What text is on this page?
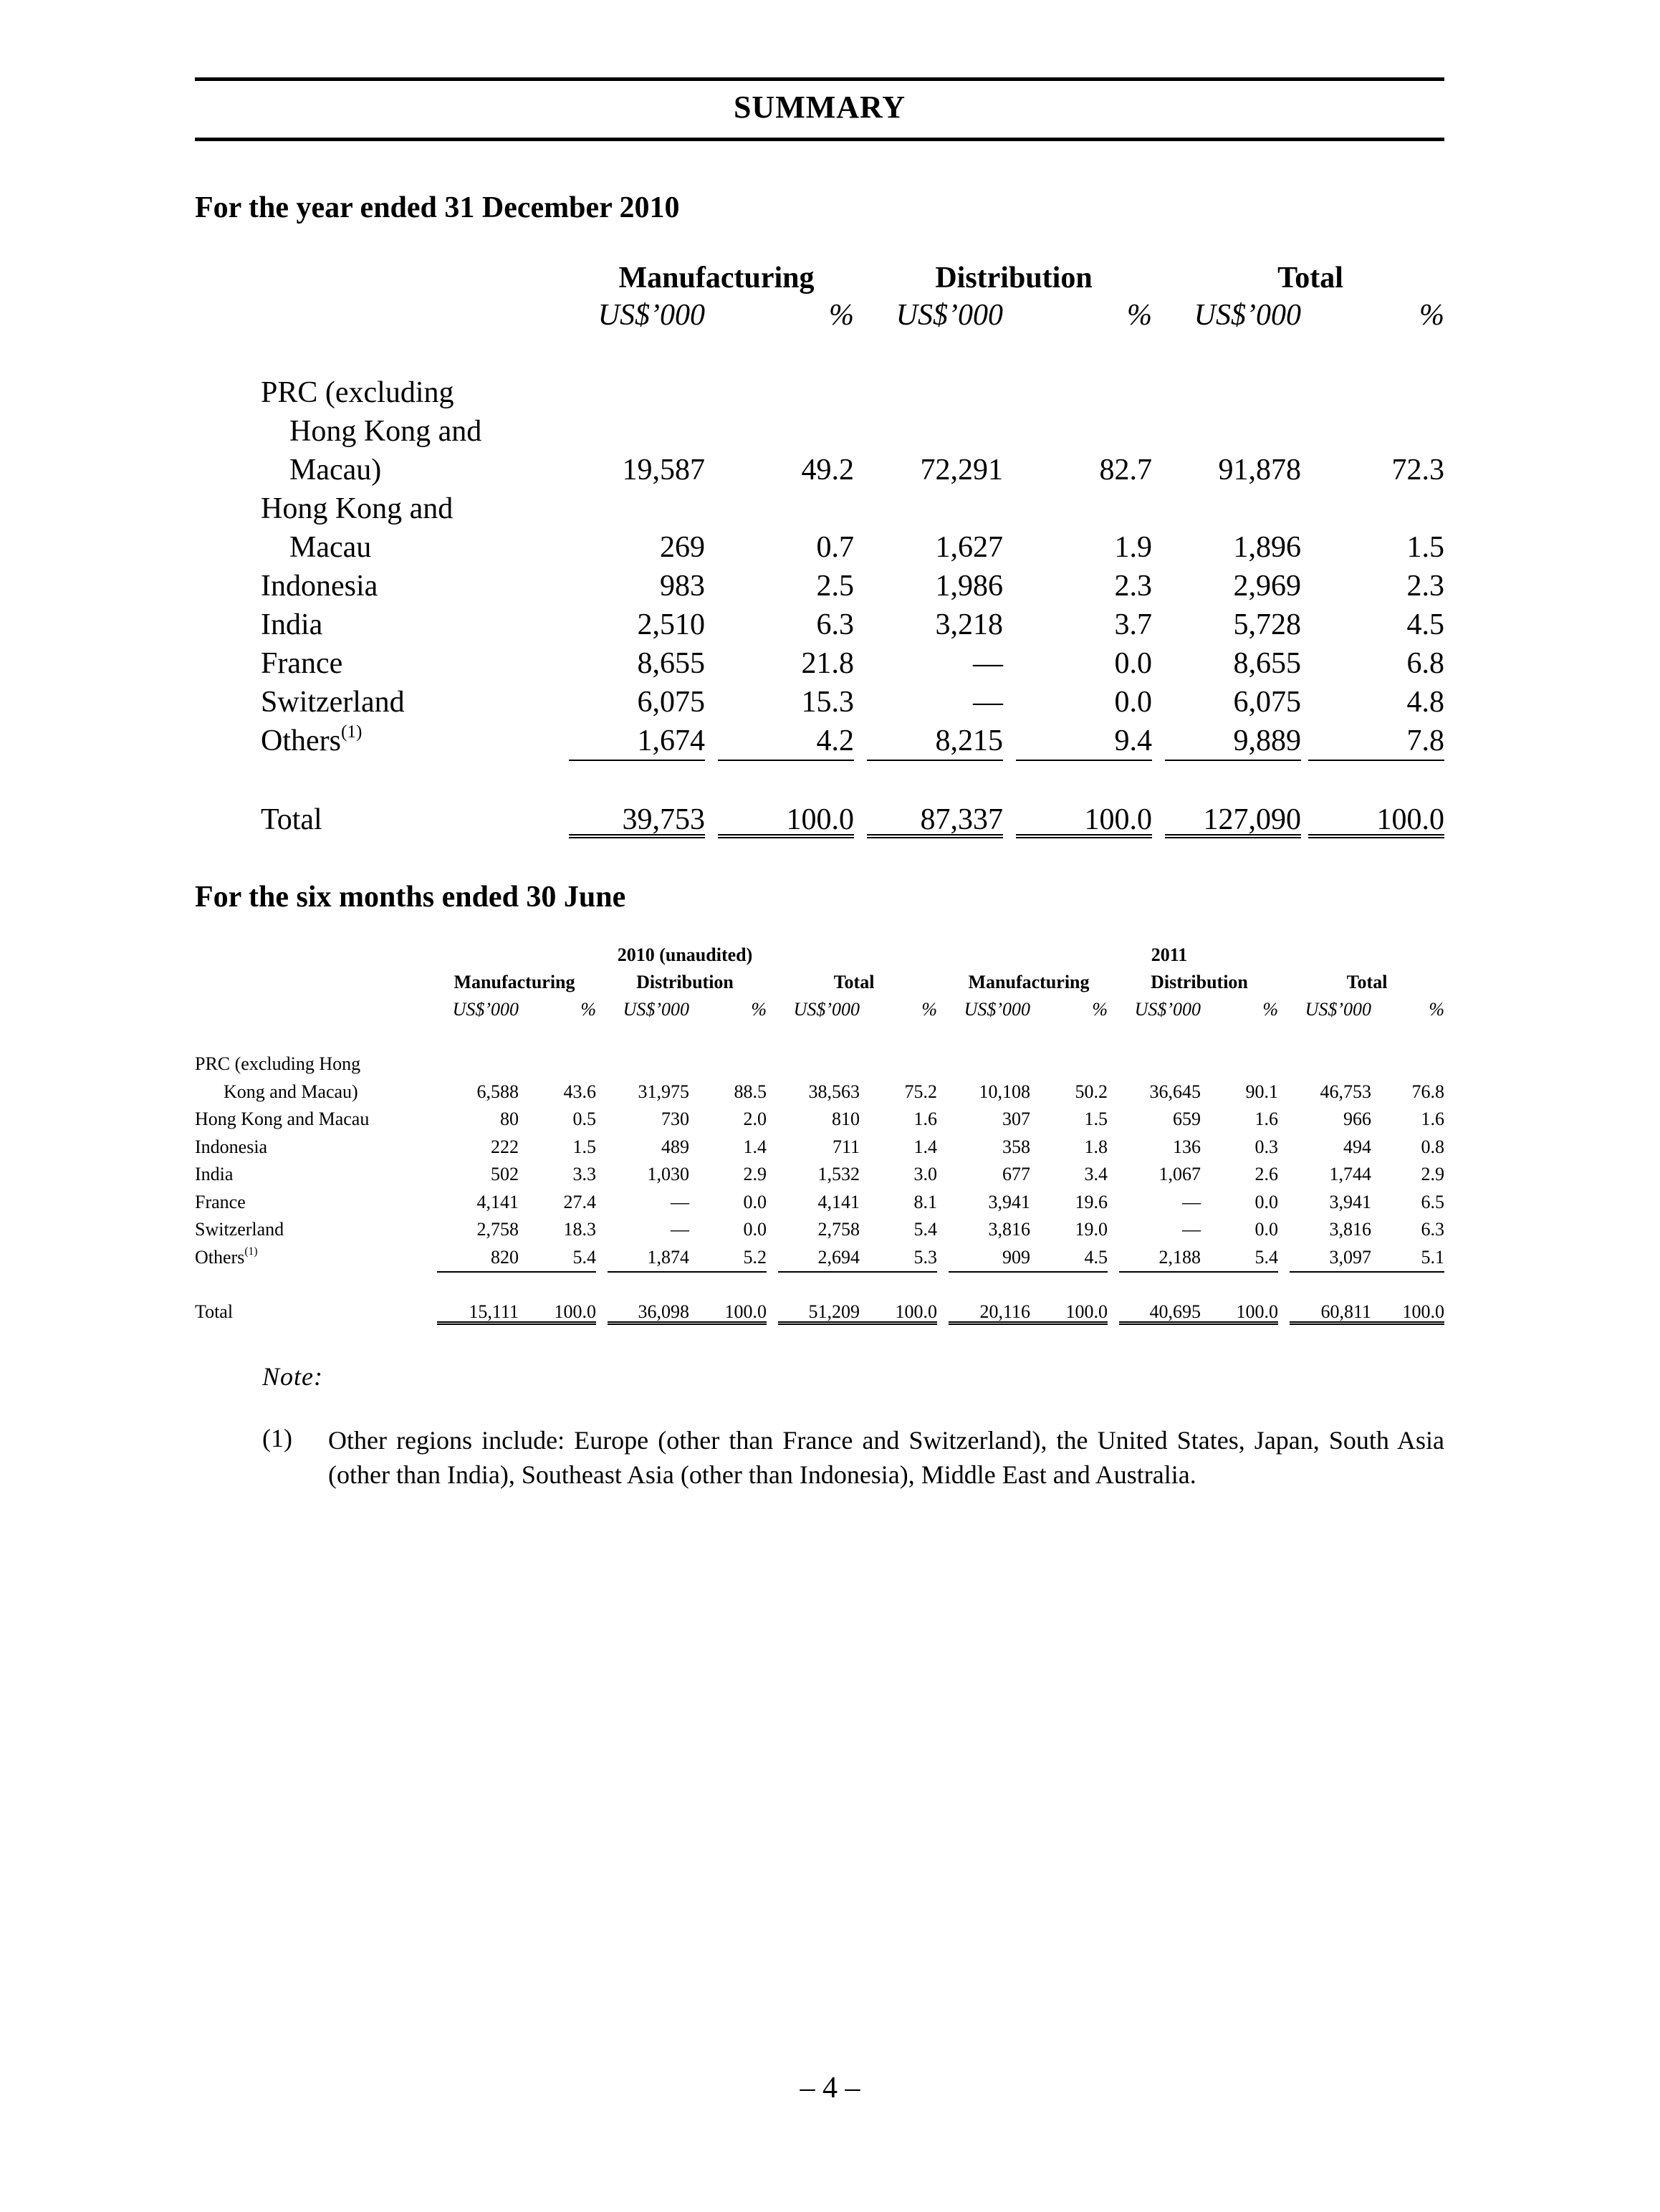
SUMMARY
For the year ended 31 December 2010
Manufacturing	Distribution	Total
US$’000	%	US$’000	%	US$’000	%
PRC (excluding
Hong Kong and
Macau)	19,587	49.2	72,291	82.7	91,878	72.3
Hong Kong and
Macau	269	0.7	1,627	1.9	1,896	1.5
Indonesia	983	2.5	1,986	2.3	2,969	2.3
India	2,510	6.3	3,218	3.7	5,728	4.5
France	8,655	21.8	—	0.0	8,655	6.8
Switzerland	6,075	15.3	—	0.0	6,075	4.8
Others$^{(1)}$	1,674	4.2	8,215	9.4	9,889	7.8
Total	39,753	100.0	87,337	100.0	127,090	100.0
For the six months ended 30 June
2010 (unaudited)	2011
Manufacturing	Distribution	Total	Manufacturing	Distribution	Total
US$’000	%	US$’000	%	US$’000	%	US$’000	%	US$’000	%	US$’000	%
PRC (excluding Hong
Kong and Macau)	6,588	43.6	31,975	88.5	38,563	75.2	10,108	50.2	36,645	90.1	46,753	76.8
Hong Kong and Macau	80	0.5	730	2.0	810	1.6	307	1.5	659	1.6	966	1.6
Indonesia	222	1.5	489	1.4	711	1.4	358	1.8	136	0.3	494	0.8
India	502	3.3	1,030	2.9	1,532	3.0	677	3.4	1,067	2.6	1,744	2.9
France	4,141	27.4	—	0.0	4,141	8.1	3,941	19.6	—	0.0	3,941	6.5
Switzerland	2,758	18.3	—	0.0	2,758	5.4	3,816	19.0	—	0.0	3,816	6.3
Others$^{(1)}$	820	5.4	1,874	5.2	2,694	5.3	909	4.5	2,188	5.4	3,097	5.1
Total	15,111	100.0	36,098	100.0	51,209	100.0	20,116	100.0	40,695	100.0	60,811	100.0
Note:
(1) Other regions include: Europe (other than France and Switzerland), the United States, Japan, South Asia (other than India), Southeast Asia (other than Indonesia), Middle East and Australia.
– 4 –
